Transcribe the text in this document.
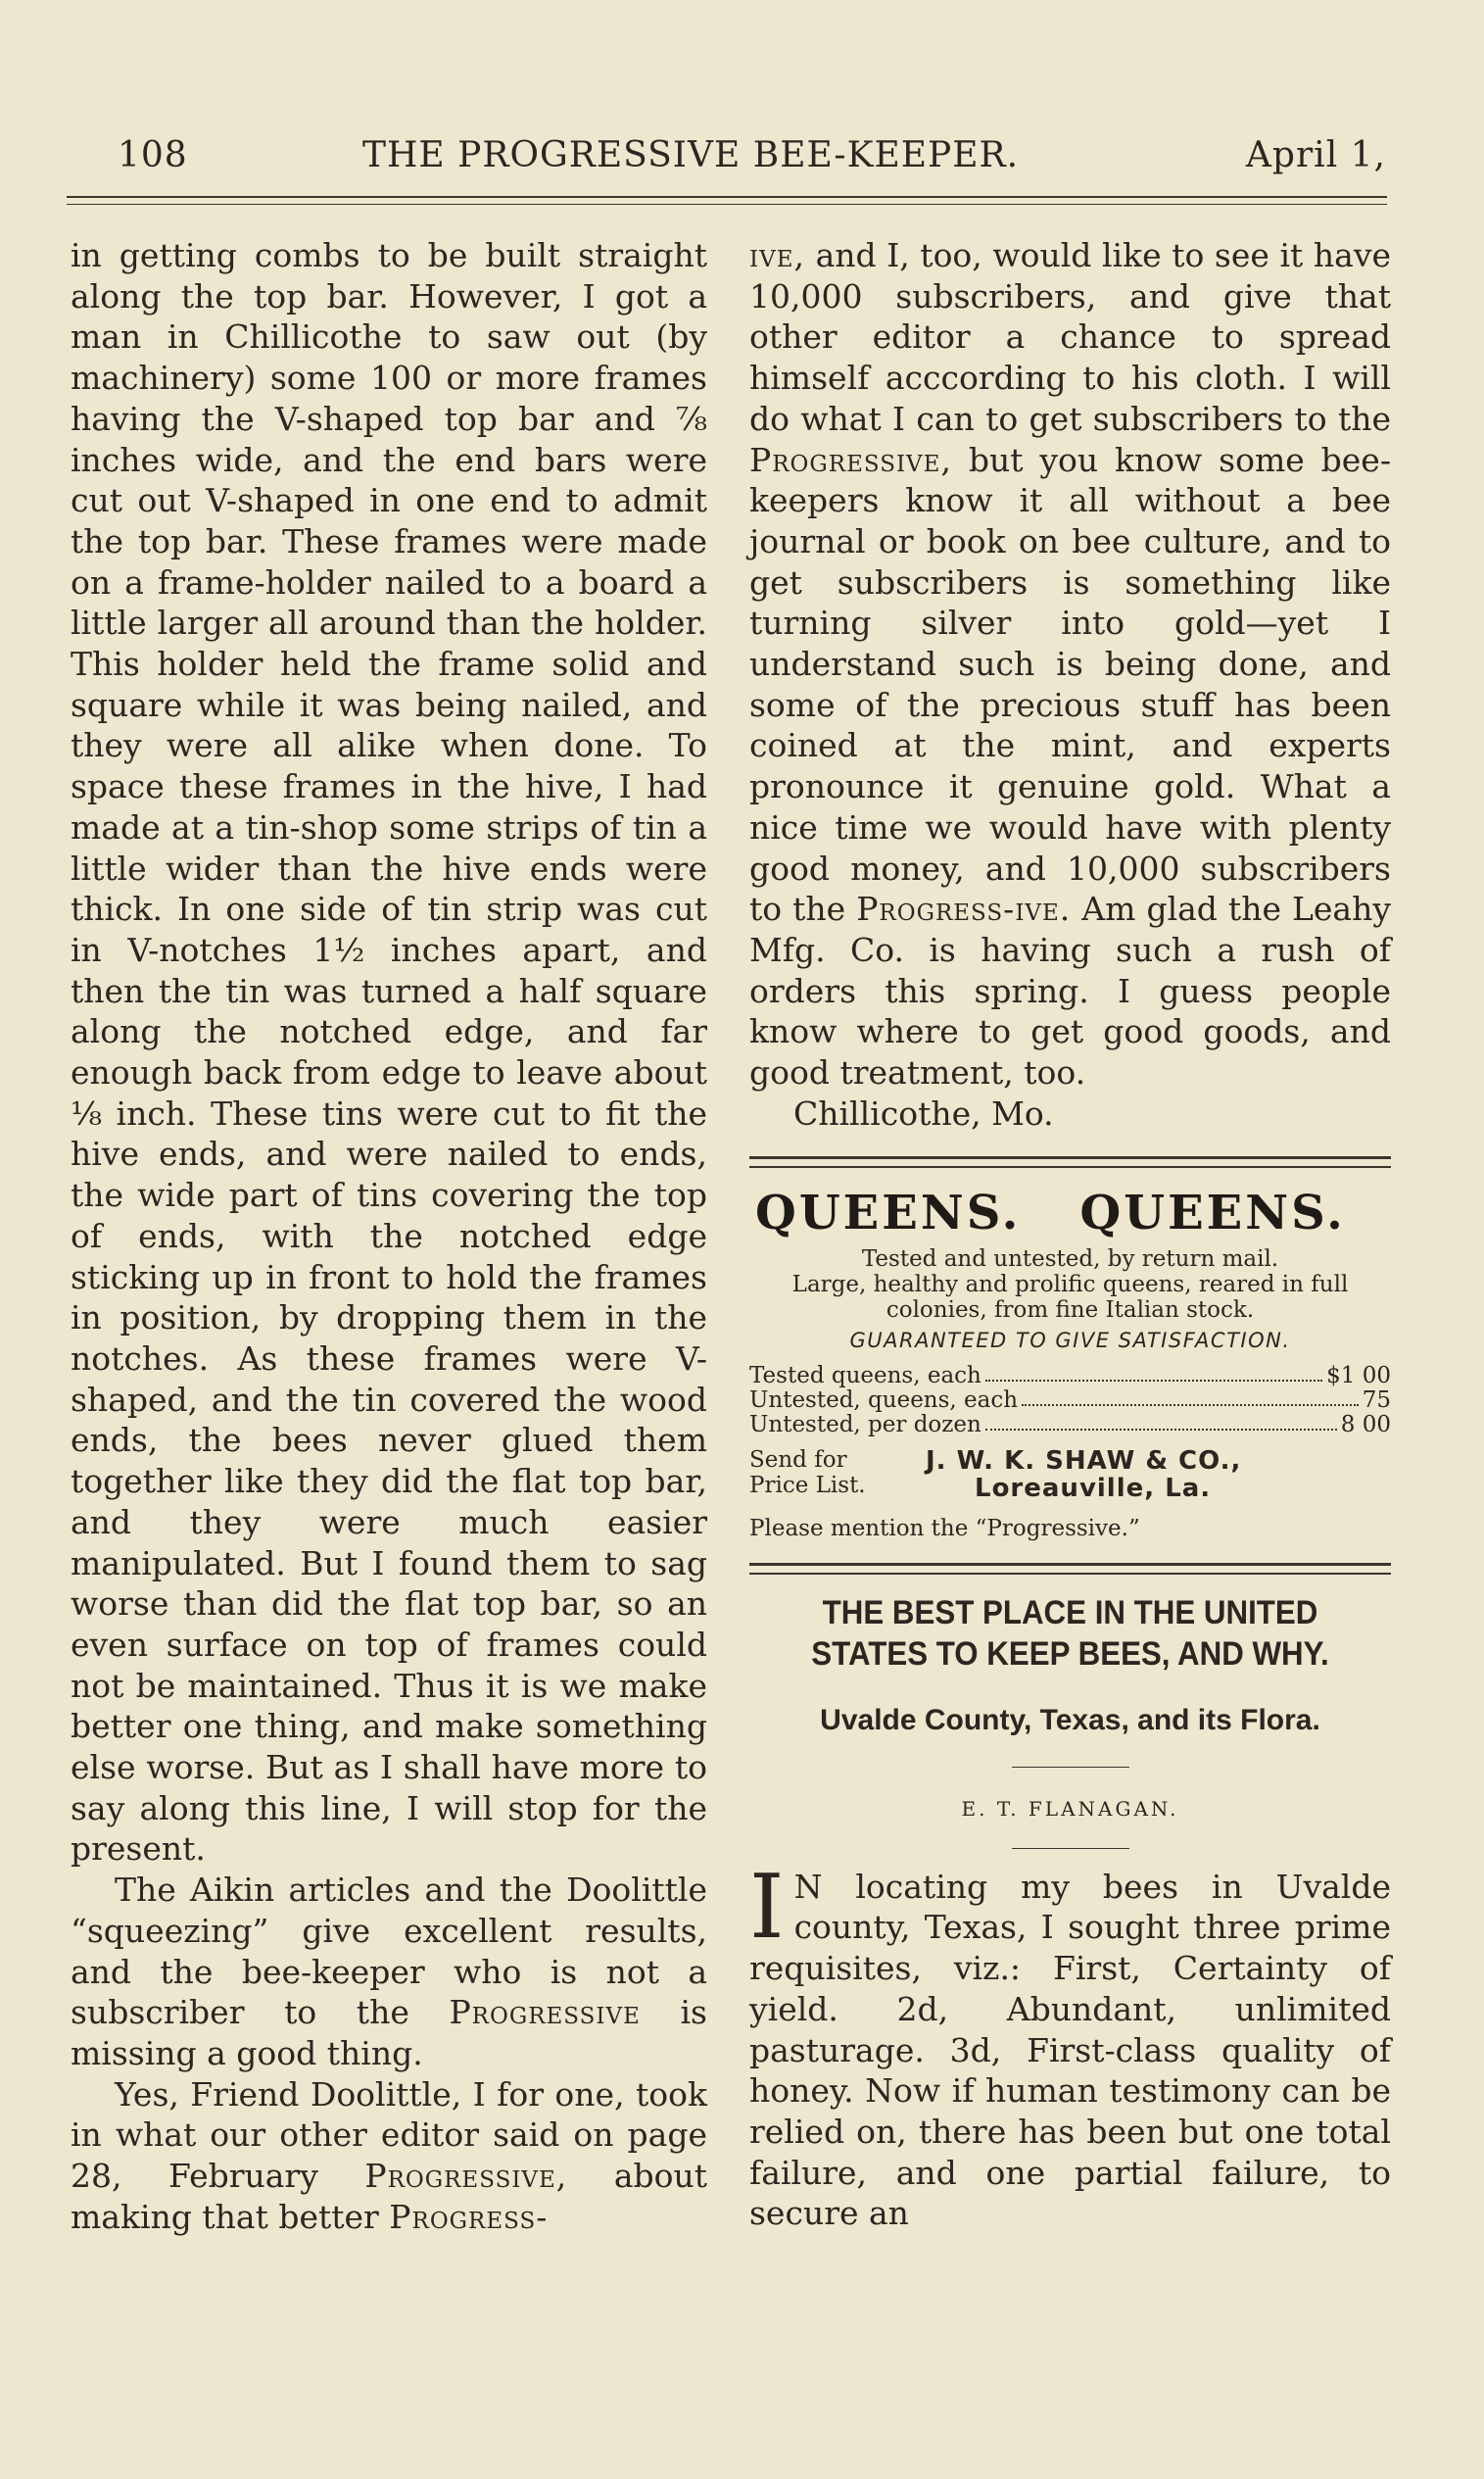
108	THE PROGRESSIVE BEE-KEEPER.	April 1,

in getting combs to be built straight along the top bar. However, I got a man in Chillicothe to saw out (by machinery) some 100 or more frames having the V-shaped top bar and ⅞ inches wide, and the end bars were cut out V-shaped in one end to admit the top bar. These frames were made on a frame-holder nailed to a board a little larger all around than the holder. This holder held the frame solid and square while it was being nailed, and they were all alike when done. To space these frames in the hive, I had made at a tin-shop some strips of tin a little wider than the hive ends were thick. In one side of tin strip was cut in V-notches 1½ inches apart, and then the tin was turned a half square along the notched edge, and far enough back from edge to leave about ⅛ inch. These tins were cut to fit the hive ends, and were nailed to ends, the wide part of tins covering the top of ends, with the notched edge sticking up in front to hold the frames in position, by dropping them in the notches. As these frames were V-shaped, and the tin covered the wood ends, the bees never glued them together like they did the flat top bar, and they were much easier manipulated. But I found them to sag worse than did the flat top bar, so an even surface on top of frames could not be maintained. Thus it is we make better one thing, and make something else worse. But as I shall have more to say along this line, I will stop for the present.

The Aikin articles and the Doolittle “squeezing” give excellent results, and the bee-keeper who is not a subscriber to the Progressive is missing a good thing.

Yes, Friend Doolittle, I for one, took in what our other editor said on page 28, February Progressive, about making that better Progress-

ive, and I, too, would like to see it have 10,000 subscribers, and give that other editor a chance to spread himself acccording to his cloth. I will do what I can to get subscribers to the Progressive, but you know some bee-keepers know it all without a bee journal or book on bee culture, and to get subscribers is something like turning silver into gold—yet I understand such is being done, and some of the precious stuff has been coined at the mint, and experts pronounce it genuine gold. What a nice time we would have with plenty good money, and 10,000 subscribers to the Progress-ive. Am glad the Leahy Mfg. Co. is having such a rush of orders this spring. I guess people know where to get good goods, and good treatment, too.

Chillicothe, Mo.

QUEENS. QUEENS.

Tested and untested, by return mail.

Large, healthy and prolific queens, reared in full colonies, from fine Italian stock.

GUARANTEED TO GIVE SATISFACTION.

Tested queens, each	$1 00
Untested, queens, each	75
Untested, per dozen	8 00
Send for Price List.
J. W. K. SHAW & CO.,
Loreauville, La.

Please mention the “Progressive.”

THE BEST PLACE IN THE UNITED STATES TO KEEP BEES, AND WHY.

Uvalde County, Texas, and its Flora.

E. T. FLANAGAN.

I N locating my bees in Uvalde county, Texas, I sought three prime requisites, viz.: First, Certainty of yield. 2d, Abundant, unlimited pasturage. 3d, First-class quality of honey. Now if human testimony can be relied on, there has been but one total failure, and one partial failure, to secure an
